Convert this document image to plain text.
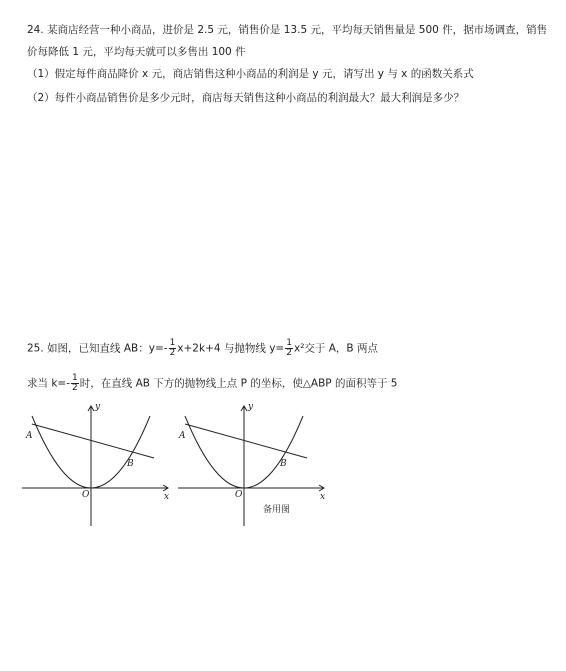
24. 某商店经营一种小商品，进价是 2.5 元，销售价是 13.5 元，平均每天销售量是 500 件，据市场调查，销售
价每降低 1 元，平均每天就可以多售出 100 件
（1）假定每件商品降价 x 元，商店销售这种小商品的利润是 y 元，请写出 y 与 x 的函数关系式
（2）每件小商品销售价是多少元时，商店每天销售这种小商品的利润最大？最大利润是多少？
25. 如图，已知直线 AB：$y=- \frac{1}{2} x+2k+4$ 与抛物线 $y= \frac{1}{2} x^2$交于 A，B 两点
求当 $k=- \frac{1}{2}$ 时，在直线 AB 下方的抛物线上点 P 的坐标，使△ABP 的面积等于 5
y
x
O
A
B
y
x
O
A
B
备用图
